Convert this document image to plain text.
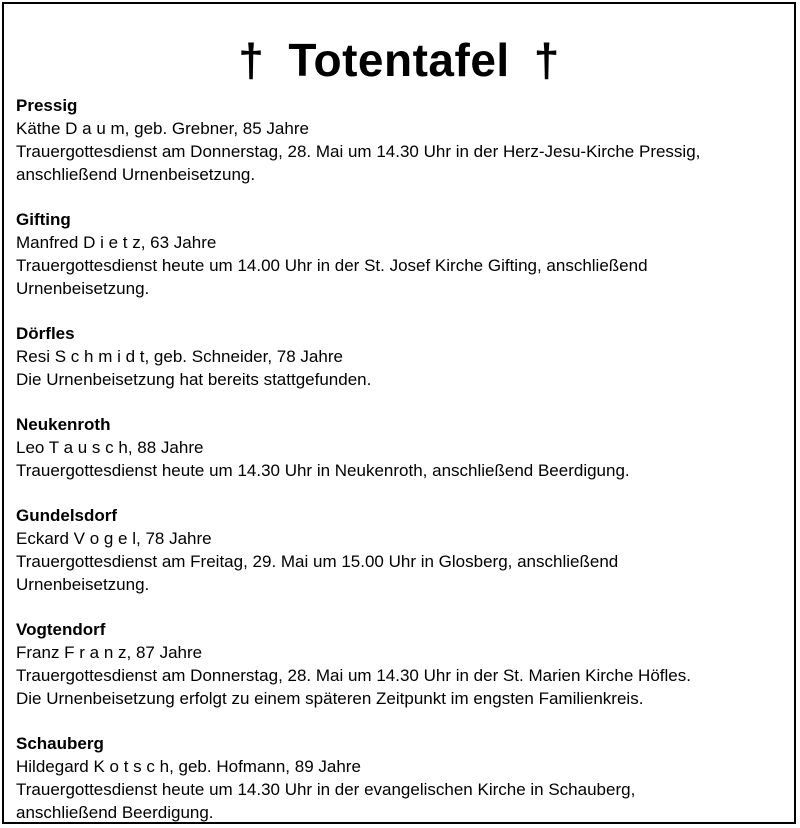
† Totentafel †
Pressig
Käthe D a u m, geb. Grebner, 85 Jahre
Trauergottesdienst am Donnerstag, 28. Mai um 14.30 Uhr in der Herz-Jesu-Kirche Pressig,
anschließend Urnenbeisetzung.
Gifting
Manfred D i e t z, 63 Jahre
Trauergottesdienst heute um 14.00 Uhr in der St. Josef Kirche Gifting, anschließend
Urnenbeisetzung.
Dörfles
Resi S c h m i d t, geb. Schneider, 78 Jahre
Die Urnenbeisetzung hat bereits stattgefunden.
Neukenroth
Leo T a u s c h, 88 Jahre
Trauergottesdienst heute um 14.30 Uhr in Neukenroth, anschließend Beerdigung.
Gundelsdorf
Eckard V o g e l, 78 Jahre
Trauergottesdienst am Freitag, 29. Mai um 15.00 Uhr in Glosberg, anschließend
Urnenbeisetzung.
Vogtendorf
Franz F r a n z, 87 Jahre
Trauergottesdienst am Donnerstag, 28. Mai um 14.30 Uhr in der St. Marien Kirche Höfles.
Die Urnenbeisetzung erfolgt zu einem späteren Zeitpunkt im engsten Familienkreis.
Schauberg
Hildegard K o t s c h, geb. Hofmann, 89 Jahre
Trauergottesdienst heute um 14.30 Uhr in der evangelischen Kirche in Schauberg,
anschließend Beerdigung.
